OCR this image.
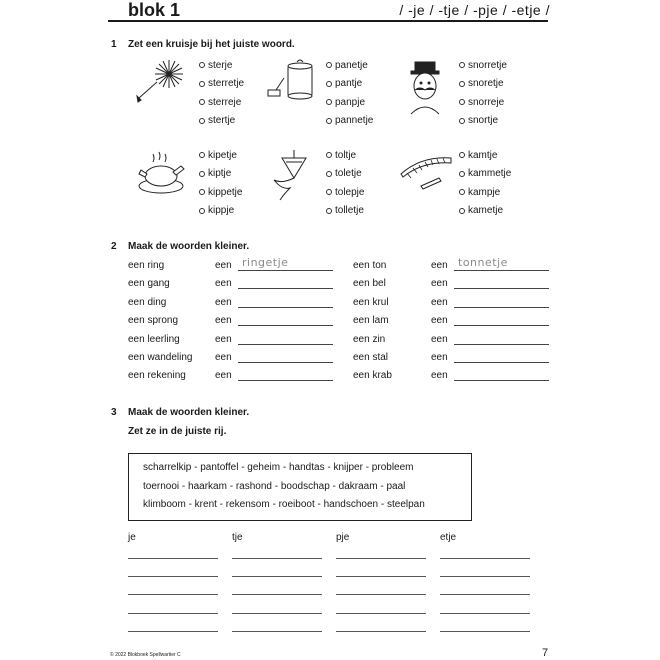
blok 1	/ -je / -tje / -pje / -etje /
1 Zet een kruisje bij het juiste woord.
sterje
sterretje
sterreje
stertje
panetje
pantje
panpje
pannetje
snorretje
snoretje
snorreje
snortje
kipetje
kiptje
kippetje
kippje
toltje
toletje
tolepje
tolletje
kamtje
kammetje
kampje
kametje
2 Maak de woorden kleiner.
een ring	een ringetje
een gang	een
een ding	een
een sprong	een
een leerling	een
een wandeling een
een rekening	een
een ton	een tonnetje
een bel	een
een krul	een
een lam	een
een zin	een
een stal	een
een krab	een
3 Maak de woorden kleiner.
Zet ze in de juiste rij.
scharrelkip - pantoffel - geheim - handtas - knijper - probleem
toernooi - haarkam - rashond - boodschap - dakraam - paal
klimboom - krent - rekensom - roeiboot - handschoen - steelpan
je	tje	pje	etje
© 2022 Blokboek Spellwartier C	7
